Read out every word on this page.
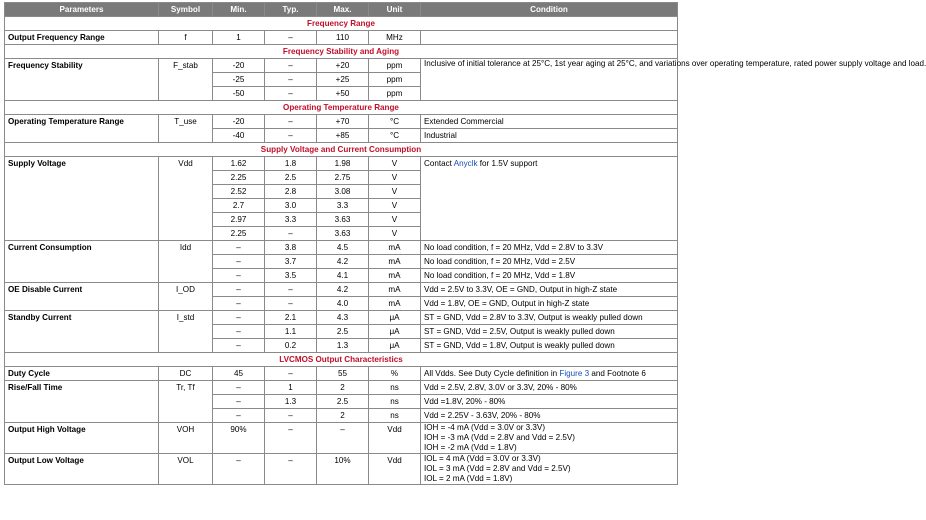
Parameters	Symbol	Min.	Typ.	Max.	Unit	Condition
Frequency Range						
Output Frequency Range	f	1	–	110	MHz	
Frequency Stability and Aging						
Frequency Stability	F_stab	-20	–	+20	ppm	Inclusive of initial tolerance at 25°C, 1st year aging at 25°C, and variations over operating temperature, rated power supply voltage and load.
		-25	–	+25	ppm	
		-50	–	+50	ppm	
Operating Temperature Range						
Operating Temperature Range	T_use	-20	–	+70	°C	Extended Commercial
		-40	–	+85	°C	Industrial
Supply Voltage and Current Consumption						
Supply Voltage	Vdd	1.62	1.8	1.98	V	Contact Anyclk for 1.5V support
		2.25	2.5	2.75	V	
		2.52	2.8	3.08	V	
		2.7	3.0	3.3	V	
		2.97	3.3	3.63	V	
		2.25	–	3.63	V	
Current Consumption	Idd	–	3.8	4.5	mA	No load condition, f = 20 MHz, Vdd = 2.8V to 3.3V
		–	3.7	4.2	mA	No load condition, f = 20 MHz, Vdd = 2.5V
		–	3.5	4.1	mA	No load condition, f = 20 MHz, Vdd = 1.8V
OE Disable Current	I_OD	–	–	4.2	mA	Vdd = 2.5V to 3.3V, OE = GND, Output in high-Z state
		–	–	4.0	mA	Vdd = 1.8V, OE = GND, Output in high-Z state
Standby Current	I_std	–	2.1	4.3	μA	ST = GND, Vdd = 2.8V to 3.3V, Output is weakly pulled down
		–	1.1	2.5	μA	ST = GND, Vdd = 2.5V, Output is weakly pulled down
		–	0.2	1.3	μA	ST = GND, Vdd = 1.8V, Output is weakly pulled down
LVCMOS Output Characteristics						
Duty Cycle	DC	45	–	55	%	All Vdds. See Duty Cycle definition in Figure 3 and Footnote 6
Rise/Fall Time	Tr, Tf	–	1	2	ns	Vdd = 2.5V, 2.8V, 3.0V or 3.3V, 20% - 80%
		–	1.3	2.5	ns	Vdd =1.8V, 20% - 80%
		–	–	2	ns	Vdd = 2.25V - 3.63V, 20% - 80%
Output High Voltage	VOH	90%	–	–	Vdd	IOH = -4 mA (Vdd = 3.0V or 3.3V)
IOH = -3 mA (Vdd = 2.8V and Vdd = 2.5V)
IOH = -2 mA (Vdd = 1.8V)

Output Low Voltage	VOL	–	–	10%	Vdd	IOL = 4 mA (Vdd = 3.0V or 3.3V)
IOL = 3 mA (Vdd = 2.8V and Vdd = 2.5V)
IOL = 2 mA (Vdd = 1.8V)
